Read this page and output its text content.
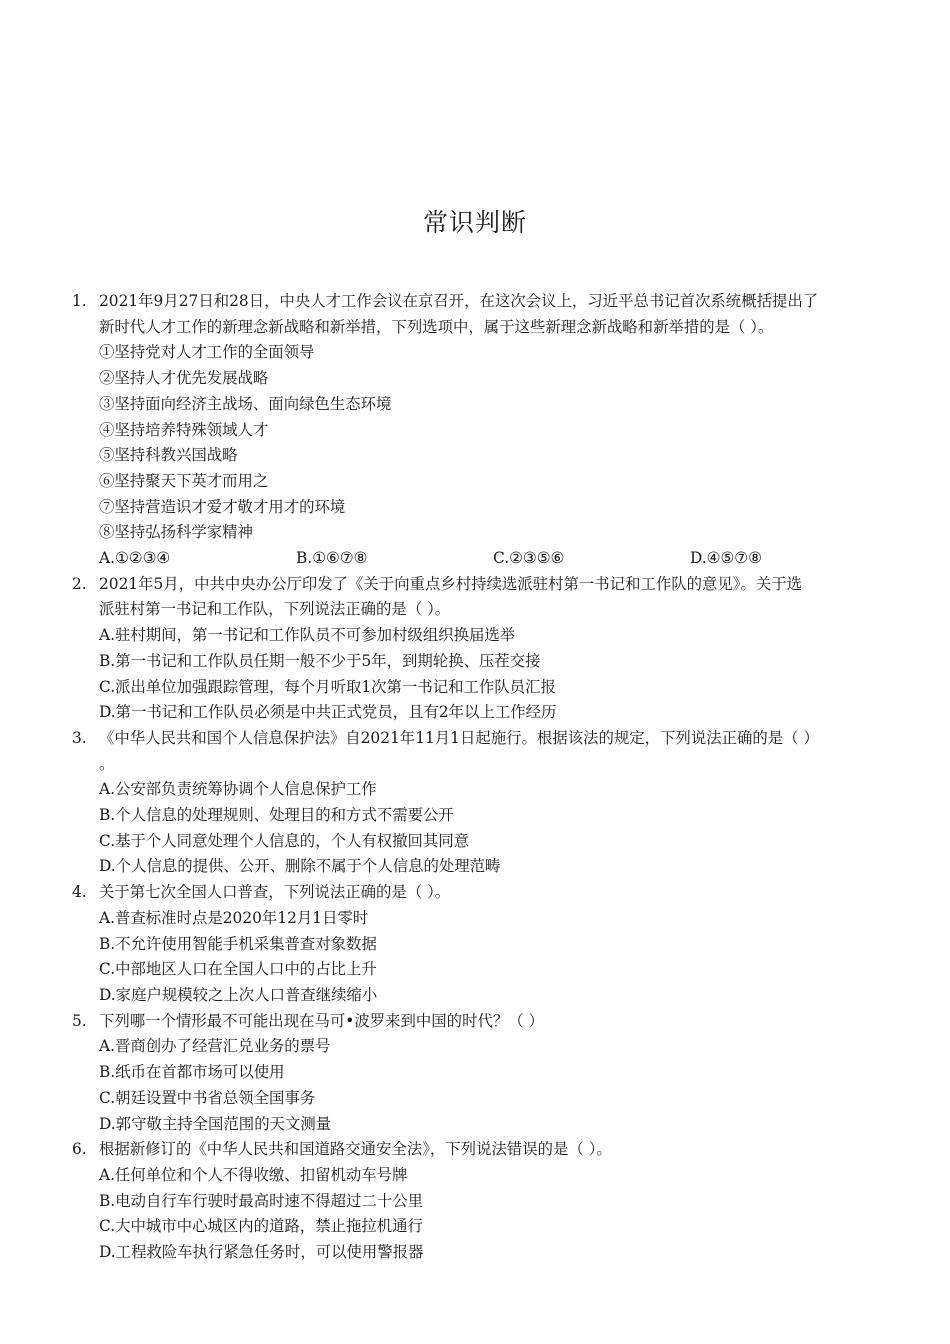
常识判断
1. 2021年9月27日和28日，中央人才工作会议在京召开，在这次会议上，习近平总书记首次系统概括提出了
新时代人才工作的新理念新战略和新举措，下列选项中，属于这些新理念新战略和新举措的是（ ）。
①坚持党对人才工作的全面领导
②坚持人才优先发展战略
③坚持面向经济主战场、面向绿色生态环境
④坚持培养特殊领域人才
⑤坚持科教兴国战略
⑥坚持聚天下英才而用之
⑦坚持营造识才爱才敬才用才的环境
⑧坚持弘扬科学家精神
A.①②③④	B.①⑥⑦⑧	C.②③⑤⑥	D.④⑤⑦⑧
2. 2021年5月，中共中央办公厅印发了《关于向重点乡村持续选派驻村第一书记和工作队的意见》。关于选
派驻村第一书记和工作队，下列说法正确的是（ ）。
A.驻村期间，第一书记和工作队员不可参加村级组织换届选举
B.第一书记和工作队员任期一般不少于5年，到期轮换、压茬交接
C.派出单位加强跟踪管理，每个月听取1次第一书记和工作队员汇报
D.第一书记和工作队员必须是中共正式党员，且有2年以上工作经历
3. 《中华人民共和国个人信息保护法》自2021年11月1日起施行。根据该法的规定，下列说法正确的是（ ）
。
A.公安部负责统筹协调个人信息保护工作
B.个人信息的处理规则、处理目的和方式不需要公开
C.基于个人同意处理个人信息的，个人有权撤回其同意
D.个人信息的提供、公开、删除不属于个人信息的处理范畴
4. 关于第七次全国人口普查，下列说法正确的是（ ）。
A.普查标准时点是2020年12月1日零时
B.不允许使用智能手机采集普查对象数据
C.中部地区人口在全国人口中的占比上升
D.家庭户规模较之上次人口普查继续缩小
5. 下列哪一个情形最不可能出现在马可•波罗来到中国的时代？（ ）
A.晋商创办了经营汇兑业务的票号
B.纸币在首都市场可以使用
C.朝廷设置中书省总领全国事务
D.郭守敬主持全国范围的天文测量
6. 根据新修订的《中华人民共和国道路交通安全法》，下列说法错误的是（ ）。
A.任何单位和个人不得收缴、扣留机动车号牌
B.电动自行车行驶时最高时速不得超过二十公里
C.大中城市中心城区内的道路，禁止拖拉机通行
D.工程救险车执行紧急任务时，可以使用警报器
